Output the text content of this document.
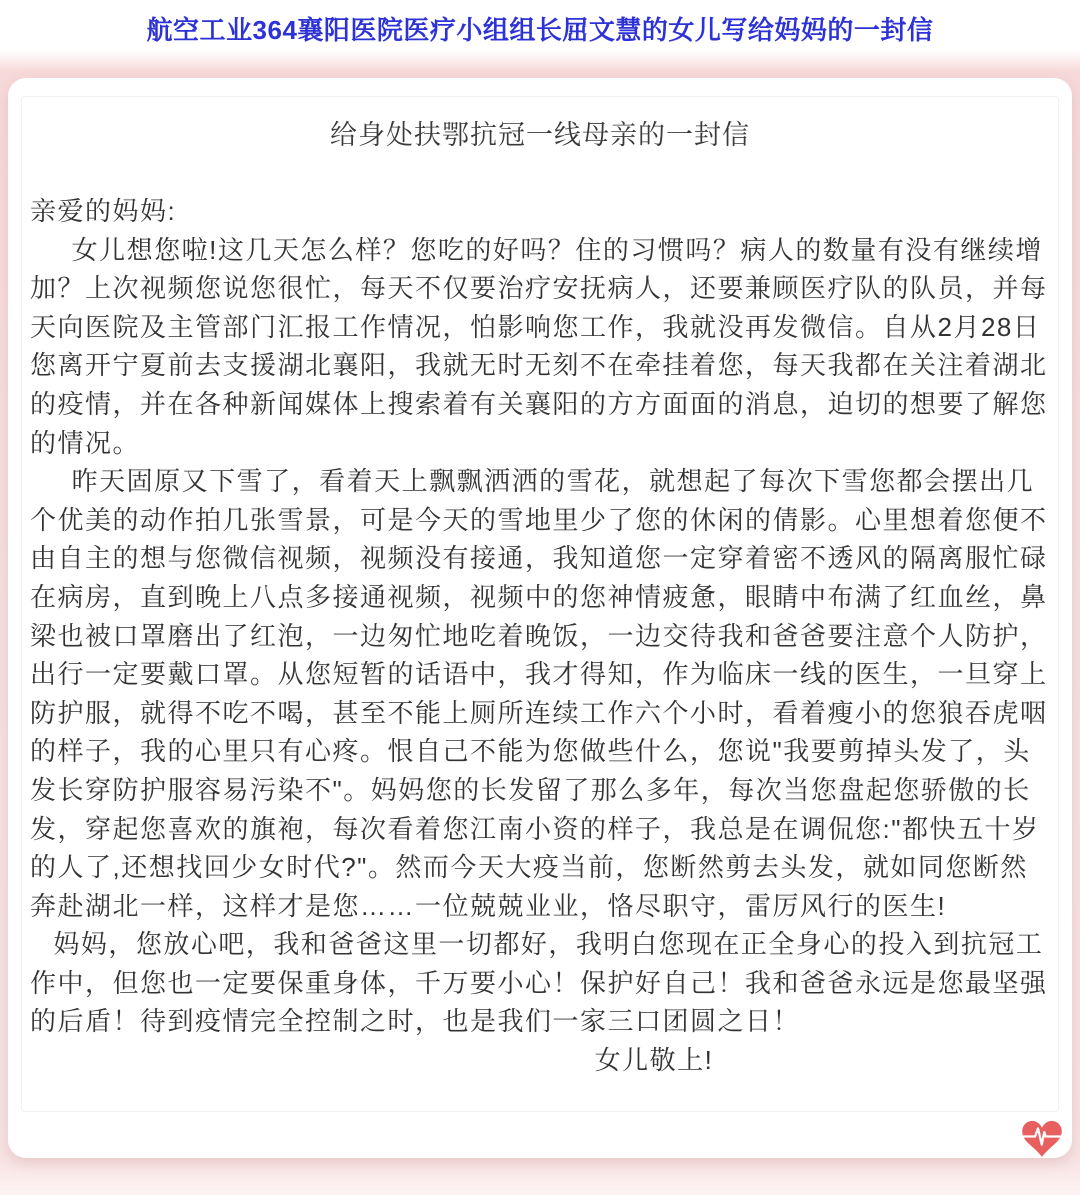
航空工业364襄阳医院医疗小组组长屈文慧的女儿写给妈妈的一封信
给身处扶鄂抗冠一线母亲的一封信

亲爱的妈妈:

女儿想您啦!这几天怎么样？您吃的好吗？住的习惯吗？病人的数量有没有继续增加？上次视频您说您很忙，每天不仅要治疗安抚病人，还要兼顾医疗队的队员，并每天向医院及主管部门汇报工作情况，怕影响您工作，我就没再发微信。自从2月28日您离开宁夏前去支援湖北襄阳，我就无时无刻不在牵挂着您，每天我都在关注着湖北的疫情，并在各种新闻媒体上搜索着有关襄阳的方方面面的消息，迫切的想要了解您的情况。

昨天固原又下雪了，看着天上飘飘洒洒的雪花，就想起了每次下雪您都会摆出几个优美的动作拍几张雪景，可是今天的雪地里少了您的休闲的倩影。心里想着您便不由自主的想与您微信视频，视频没有接通，我知道您一定穿着密不透风的隔离服忙碌在病房，直到晚上八点多接通视频，视频中的您神情疲惫，眼睛中布满了红血丝，鼻梁也被口罩磨出了红泡，一边匆忙地吃着晚饭，一边交待我和爸爸要注意个人防护，出行一定要戴口罩。从您短暂的话语中，我才得知，作为临床一线的医生，一旦穿上防护服，就得不吃不喝，甚至不能上厕所连续工作六个小时，看着瘦小的您狼吞虎咽的样子，我的心里只有心疼。恨自己不能为您做些什么，您说"我要剪掉头发了，头发长穿防护服容易污染不"。妈妈您的长发留了那么多年，每次当您盘起您骄傲的长发，穿起您喜欢的旗袍，每次看着您江南小资的样子，我总是在调侃您:"都快五十岁的人了,还想找回少女时代?"。然而今天大疫当前，您断然剪去头发，就如同您断然奔赴湖北一样，这样才是您……一位兢兢业业，恪尽职守，雷厉风行的医生!

妈妈，您放心吧，我和爸爸这里一切都好，我明白您现在正全身心的投入到抗冠工作中，但您也一定要保重身体，千万要小心！保护好自己！我和爸爸永远是您最坚强的后盾！待到疫情完全控制之时，也是我们一家三口团圆之日！

女儿敬上!
